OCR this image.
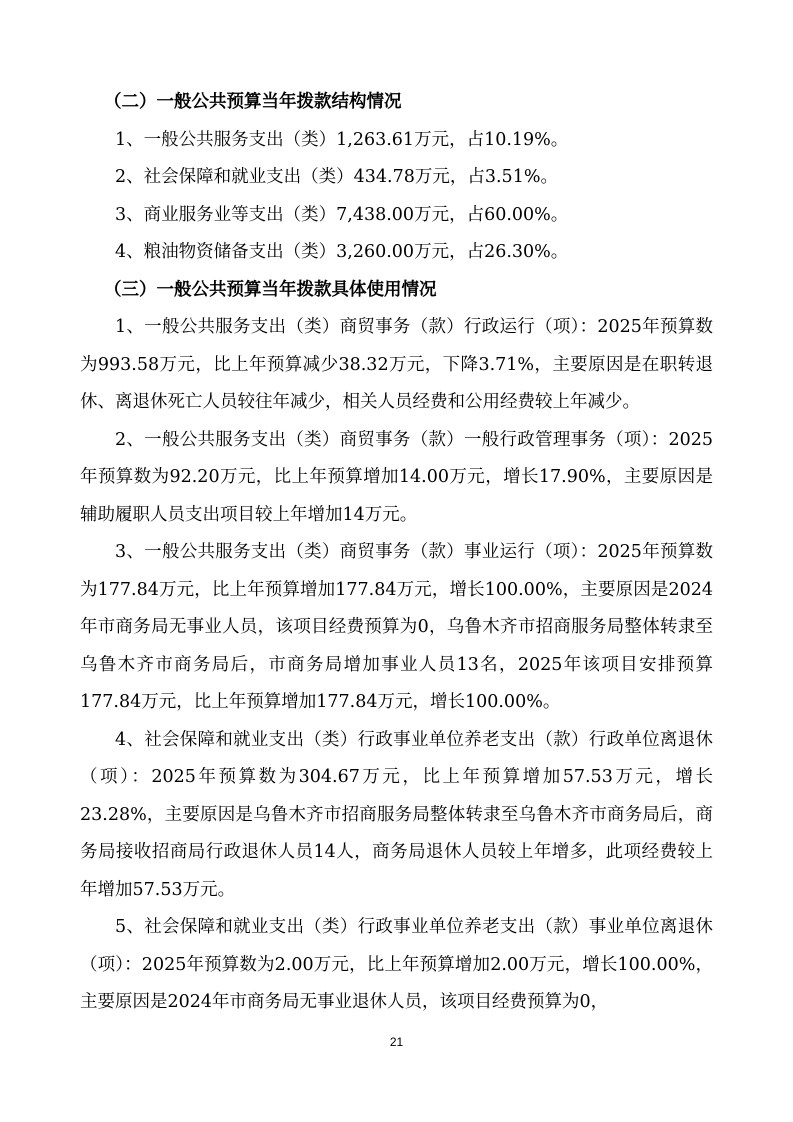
（二）一般公共预算当年拨款结构情况

1、一般公共服务支出（类）1,263.61万元，占10.19%。

2、社会保障和就业支出（类）434.78万元，占3.51%。

3、商业服务业等支出（类）7,438.00万元，占60.00%。

4、粮油物资储备支出（类）3,260.00万元，占26.30%。

（三）一般公共预算当年拨款具体使用情况

1、一般公共服务支出（类）商贸事务（款）行政运行（项）：2025年预算数为993.58万元，比上年预算减少38.32万元，下降3.71%，主要原因是在职转退休、离退休死亡人员较往年减少，相关人员经费和公用经费较上年减少。

2、一般公共服务支出（类）商贸事务（款）一般行政管理事务（项）：2025年预算数为92.20万元，比上年预算增加14.00万元，增长17.90%，主要原因是辅助履职人员支出项目较上年增加14万元。

3、一般公共服务支出（类）商贸事务（款）事业运行（项）：2025年预算数为177.84万元，比上年预算增加177.84万元，增长100.00%，主要原因是2024年市商务局无事业人员，该项目经费预算为0，乌鲁木齐市招商服务局整体转隶至乌鲁木齐市商务局后，市商务局增加事业人员13名，2025年该项目安排预算177.84万元，比上年预算增加177.84万元，增长100.00%。

4、社会保障和就业支出（类）行政事业单位养老支出（款）行政单位离退休（项）：2025年预算数为304.67万元，比上年预算增加57.53万元，增长23.28%，主要原因是乌鲁木齐市招商服务局整体转隶至乌鲁木齐市商务局后，商务局接收招商局行政退休人员14人，商务局退休人员较上年增多，此项经费较上年增加57.53万元。

5、社会保障和就业支出（类）行政事业单位养老支出（款）事业单位离退休（项）：2025年预算数为2.00万元，比上年预算增加2.00万元，增长100.00%，主要原因是2024年市商务局无事业退休人员，该项目经费预算为0，

21
